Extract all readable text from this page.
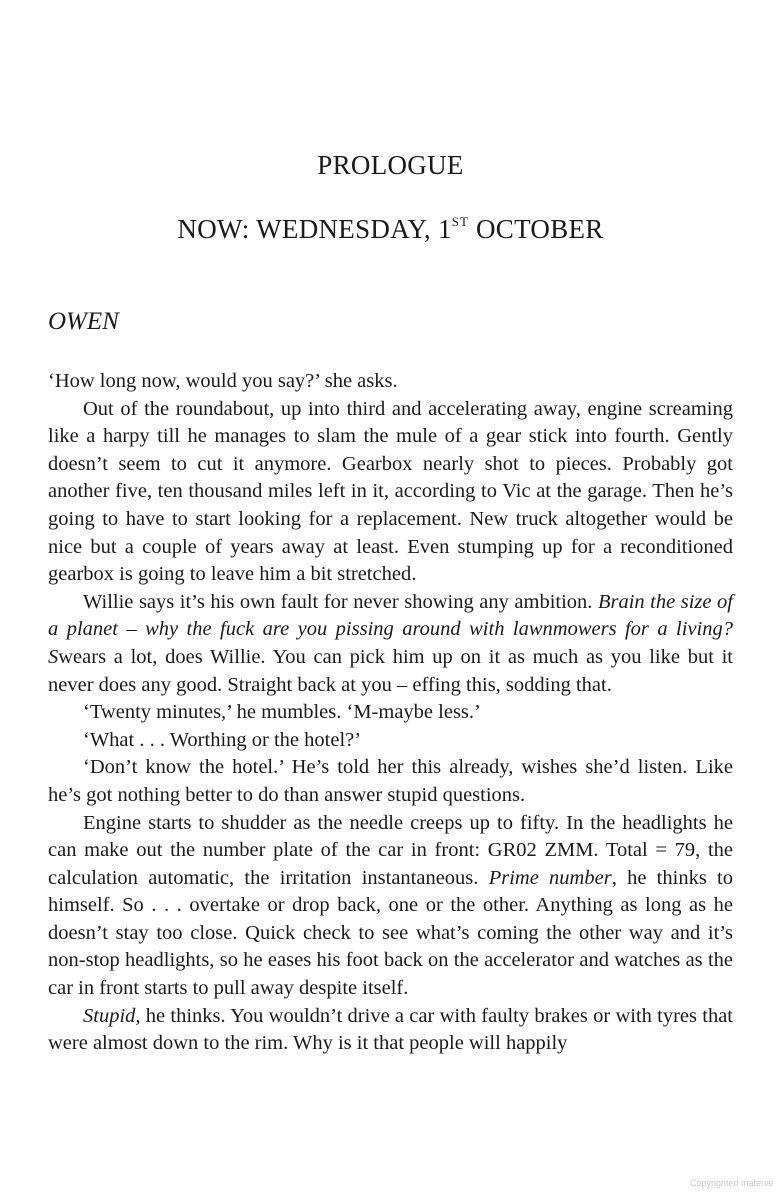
PROLOGUE
NOW: WEDNESDAY, 1ST OCTOBER
OWEN

‘How long now, would you say?’ she asks.

Out of the roundabout, up into third and accelerating away, engine screaming like a harpy till he manages to slam the mule of a gear stick into fourth. Gently doesn’t seem to cut it anymore. Gearbox nearly shot to pieces. Probably got another five, ten thousand miles left in it, according to Vic at the garage. Then he’s going to have to start looking for a replacement. New truck altogether would be nice but a couple of years away at least. Even stumping up for a reconditioned gearbox is going to leave him a bit stretched.

Willie says it’s his own fault for never showing any ambition. Brain the size of a planet – why the fuck are you pissing around with lawnmowers for a living? Swears a lot, does Willie. You can pick him up on it as much as you like but it never does any good. Straight back at you – effing this, sodding that.

‘Twenty minutes,’ he mumbles. ‘M-maybe less.’

‘What . . . Worthing or the hotel?’

‘Don’t know the hotel.’ He’s told her this already, wishes she’d listen. Like he’s got nothing better to do than answer stupid questions.

Engine starts to shudder as the needle creeps up to fifty. In the headlights he can make out the number plate of the car in front: GR02 ZMM. Total = 79, the calculation automatic, the irritation instantaneous. Prime number, he thinks to himself. So . . . overtake or drop back, one or the other. Anything as long as he doesn’t stay too close. Quick check to see what’s coming the other way and it’s non-stop headlights, so he eases his foot back on the accelerator and watches as the car in front starts to pull away despite itself.

Stupid, he thinks. You wouldn’t drive a car with faulty brakes or with tyres that were almost down to the rim. Why is it that people will happily

Copyrighted material
